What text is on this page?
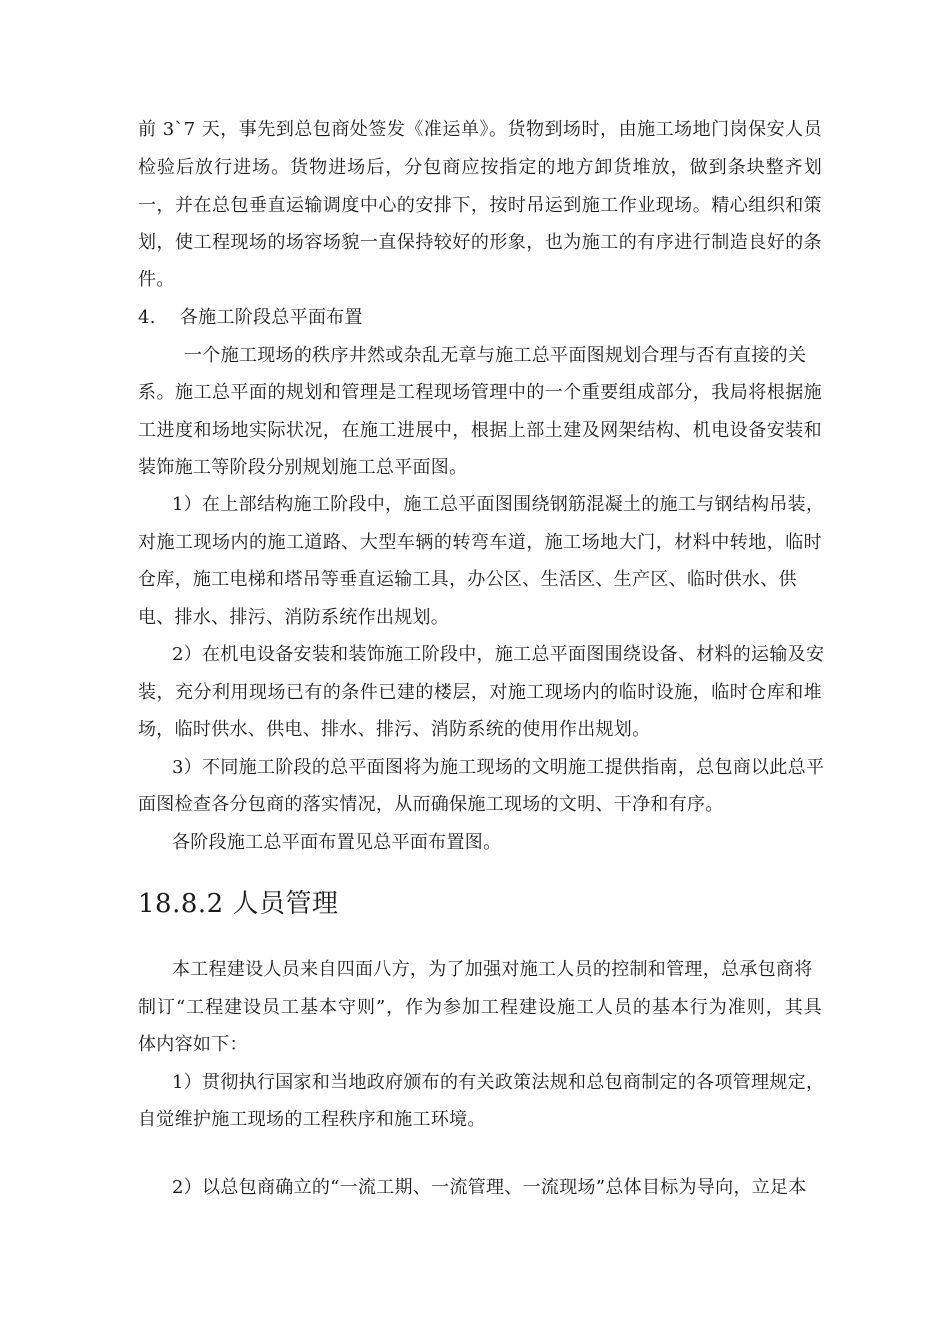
前 3`7 天，事先到总包商处签发《准运单》。货物到场时，由施工场地门岗保安人员
检验后放行进场。货物进场后，分包商应按指定的地方卸货堆放，做到条块整齐划
一，并在总包垂直运输调度中心的安排下，按时吊运到施工作业现场。精心组织和策
划，使工程现场的场容场貌一直保持较好的形象，也为施工的有序进行制造良好的条
件。
4.    各施工阶段总平面布置
一个施工现场的秩序井然或杂乱无章与施工总平面图规划合理与否有直接的关
系。施工总平面的规划和管理是工程现场管理中的一个重要组成部分，我局将根据施
工进度和场地实际状况，在施工进展中，根据上部土建及网架结构、机电设备安装和
装饰施工等阶段分别规划施工总平面图。
1）在上部结构施工阶段中，施工总平面图围绕钢筋混凝土的施工与钢结构吊装，
对施工现场内的施工道路、大型车辆的转弯车道，施工场地大门，材料中转地，临时
仓库，施工电梯和塔吊等垂直运输工具，办公区、生活区、生产区、临时供水、供
电、排水、排污、消防系统作出规划。
2）在机电设备安装和装饰施工阶段中，施工总平面图围绕设备、材料的运输及安
装，充分利用现场已有的条件已建的楼层，对施工现场内的临时设施，临时仓库和堆
场，临时供水、供电、排水、排污、消防系统的使用作出规划。
3）不同施工阶段的总平面图将为施工现场的文明施工提供指南，总包商以此总平
面图检查各分包商的落实情况，从而确保施工现场的文明、干净和有序。
各阶段施工总平面布置见总平面布置图。
18.8.2 人员管理
本工程建设人员来自四面八方，为了加强对施工人员的控制和管理，总承包商将
制订“工程建设员工基本守则”，作为参加工程建设施工人员的基本行为准则，其具
体内容如下：
1）贯彻执行国家和当地政府颁布的有关政策法规和总包商制定的各项管理规定，
自觉维护施工现场的工程秩序和施工环境。
2）以总包商确立的“一流工期、一流管理、一流现场”总体目标为导向，立足本
